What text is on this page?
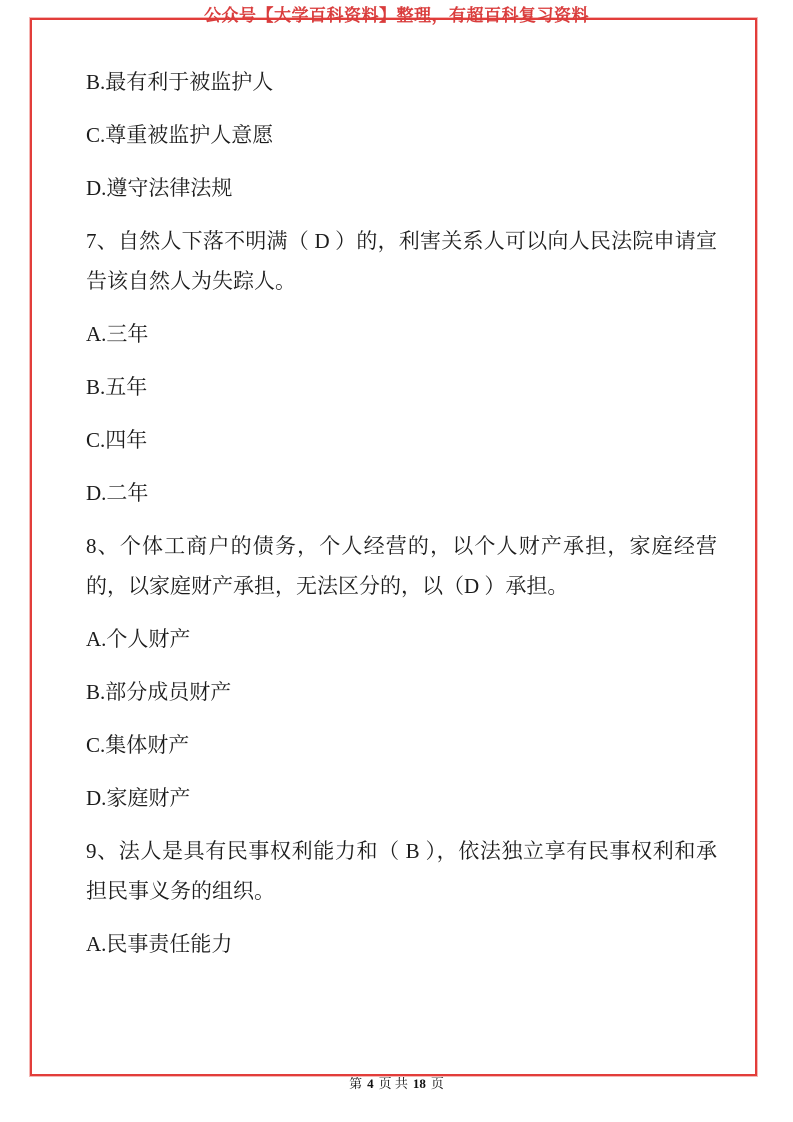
公众号【大学百科资料】整理，有超百科复习资料

B.最有利于被监护人

C.尊重被监护人意愿

D.遵守法律法规

7、自然人下落不明满（ D ）的，利害关系人可以向人民法院申请宣告该自然人为失踪人。

A.三年

B.五年

C.四年

D.二年

8、个体工商户的债务，个人经营的，以个人财产承担，家庭经营的，以家庭财产承担，无法区分的，以（D ）承担。

A.个人财产

B.部分成员财产

C.集体财产

D.家庭财产

9、法人是具有民事权利能力和（ B ），依法独立享有民事权利和承担民事义务的组织。

A.民事责任能力

第 4 页 共 18 页
